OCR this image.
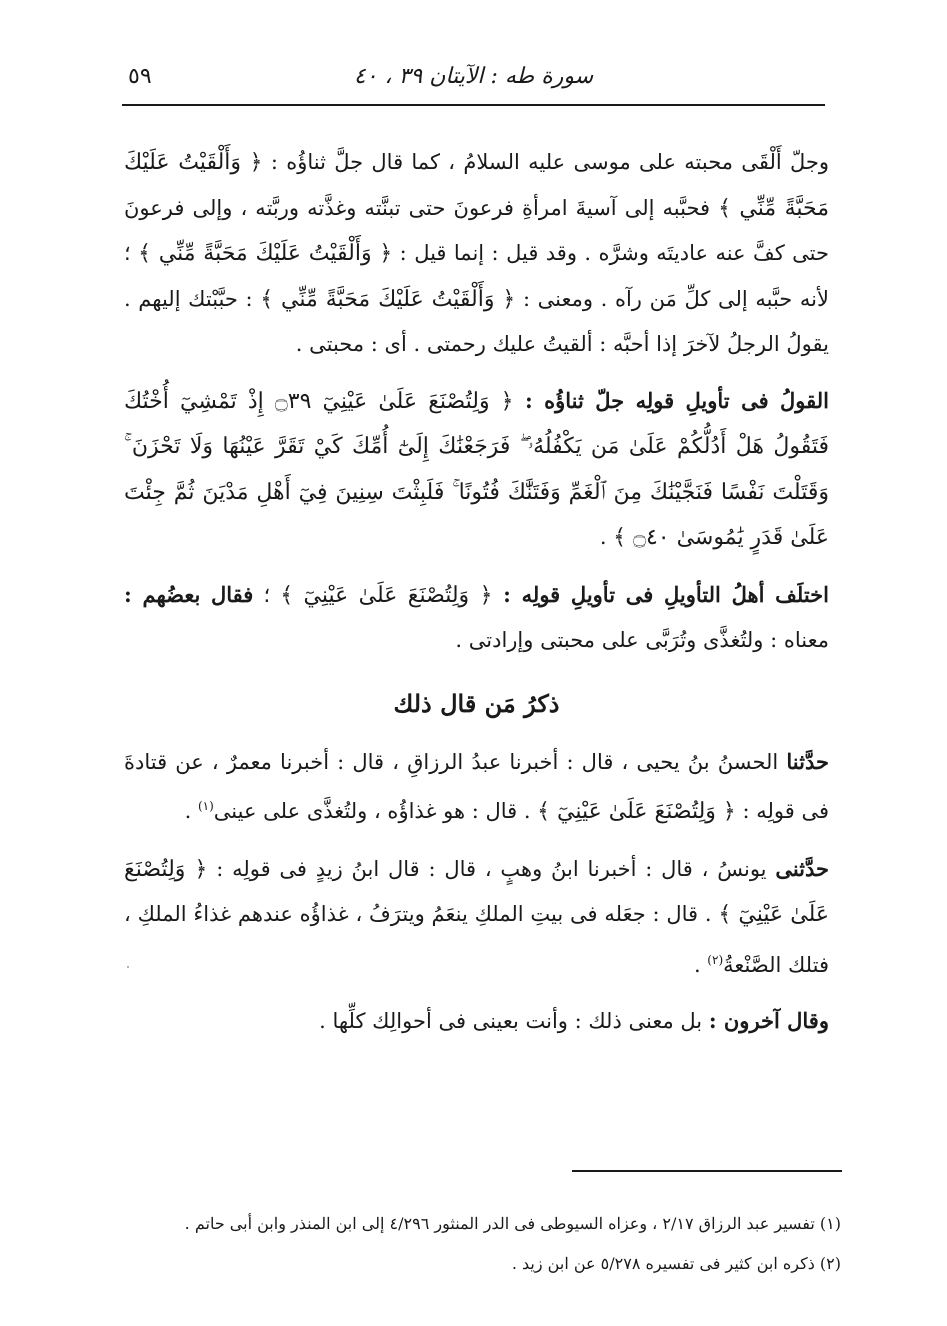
سورة طه : الآيتان ٣٩ ، ٤٠
٥٩

وجلّ أَلْقَى محبته على موسى عليه السلامُ ، كما قال جلَّ ثناؤُه : ﴿ وَأَلْقَيْتُ عَلَيْكَ مَحَبَّةً مِّنِّي ﴾ فحبَّبه إلى آسيةَ امرأةِ فرعونَ حتى تبنَّته وغذَّته وربَّته ، وإلى فرعونَ حتى كفَّ عنه عاديتَه وشرَّه . وقد قيل : إنما قيل : ﴿ وَأَلْقَيْتُ عَلَيْكَ مَحَبَّةً مِّنِّي ﴾ ؛ لأنه حبَّبه إلى كلِّ مَن رآه . ومعنى : ﴿ وَأَلْقَيْتُ عَلَيْكَ مَحَبَّةً مِّنِّي ﴾ : حبَّبْتك إليهم . يقولُ الرجلُ لآخرَ إذا أحبَّه : ألقيتُ عليك رحمتى . أى : محبتى .

القولُ فى تأويلِ قولِه جلّ ثناؤُه : ﴿ وَلِتُصْنَعَ عَلَىٰ عَيْنِيٓ ۝٣٩ إِذْ تَمْشِيٓ أُخْتُكَ فَتَقُولُ هَلْ أَدُلُّكُمْ عَلَىٰ مَن يَكْفُلُهُۥ ۖ فَرَجَعْنَٰكَ إِلَىٰٓ أُمِّكَ كَيْ تَقَرَّ عَيْنُهَا وَلَا تَحْزَنَ ۚ وَقَتَلْتَ نَفْسًا فَنَجَّيْنَٰكَ مِنَ ٱلْغَمِّ وَفَتَنَّٰكَ فُتُونًا ۚ فَلَبِثْتَ سِنِينَ فِيٓ أَهْلِ مَدْيَنَ ثُمَّ جِئْتَ عَلَىٰ قَدَرٍ يَٰمُوسَىٰ ۝٤٠ ﴾ .

اختلَف أهلُ التأويلِ فى تأويلِ قولِه : ﴿ وَلِتُصْنَعَ عَلَىٰ عَيْنِيٓ ﴾ ؛ فقال بعضُهم : معناه : ولتُغذَّى وتُرَبَّى على محبتى وإرادتى .

ذكرُ مَن قال ذلك

حدَّثنا الحسنُ بنُ يحيى ، قال : أخبرنا عبدُ الرزاقِ ، قال : أخبرنا معمرٌ ، عن قتادةَ فى قولِه : ﴿ وَلِتُصْنَعَ عَلَىٰ عَيْنِيٓ ﴾ . قال : هو غذاؤُه ، ولتُغذَّى على عينى$^{(١)}$ .

حدَّثنى يونسُ ، قال : أخبرنا ابنُ وهبٍ ، قال : قال ابنُ زيدٍ فى قولِه : ﴿ وَلِتُصْنَعَ عَلَىٰ عَيْنِيٓ ﴾ . قال : جعَله فى بيتِ الملكِ ينعَمُ ويترَفُ ، غذاؤُه عندهم غذاءُ الملكِ ، فتلك الصَّنْعةُ$^{(٢)}$ .

وقال آخرون : بل معنى ذلك : وأنت بعينى فى أحوالِك كلِّها .

(١) تفسير عبد الرزاق ٢/١٧ ، وعزاه السيوطى فى الدر المنثور ٤/٢٩٦ إلى ابن المنذر وابن أبى حاتم .

(٢) ذكره ابن كثير فى تفسيره ٥/٢٧٨ عن ابن زيد .
